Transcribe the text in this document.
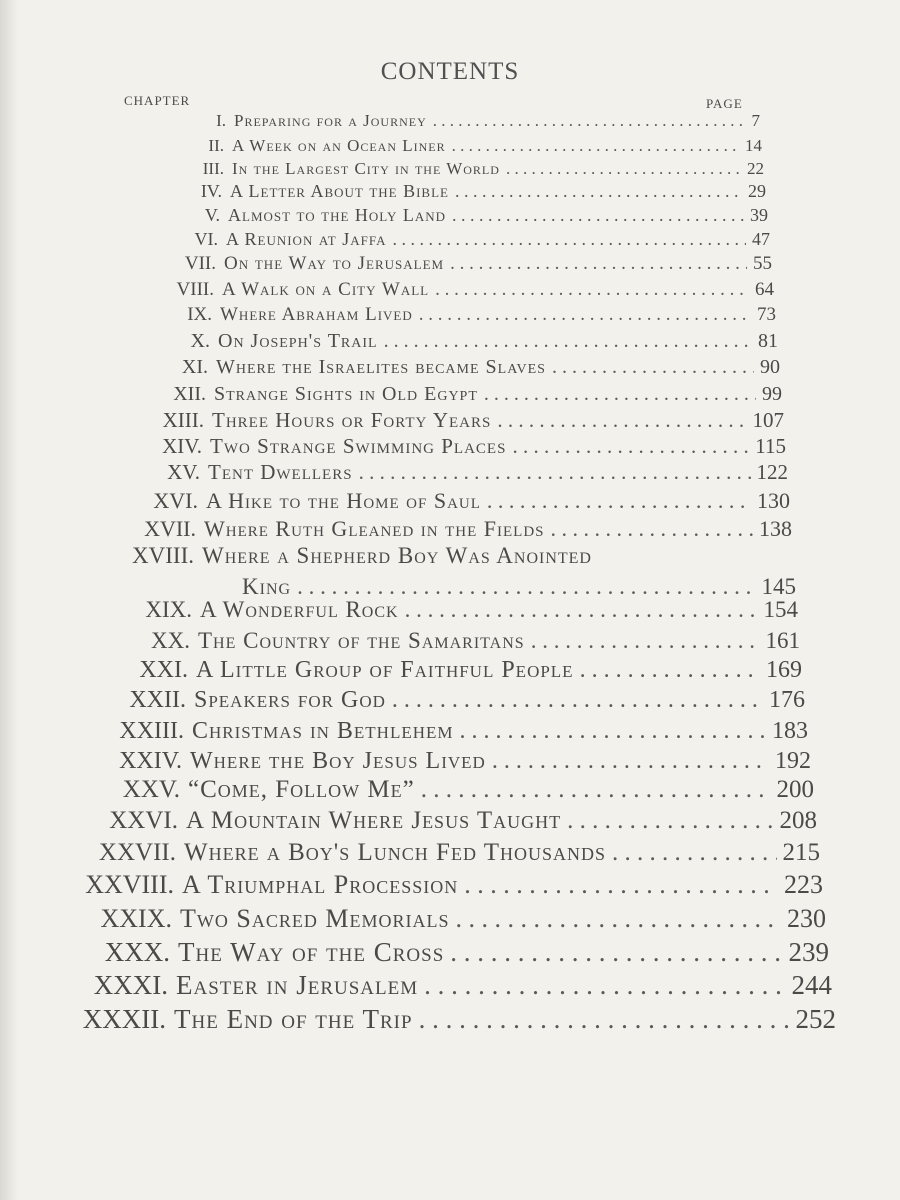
CONTENTS
CHAPTER	PAGE
I. Preparing for a Journey . . .	7
II. A Week on an Ocean Liner . . .	14
III. In the Largest City in the World . . .	22
IV. A Letter About the Bible . . .	29
V. Almost to the Holy Land . . .	39
VI. A Reunion at Jaffa . . .	47
VII. On the Way to Jerusalem . . .	55
VIII. A Walk on a City Wall . . .	64
IX. Where Abraham Lived . . .	73
X. On Joseph's Trail . . .	81
XI. Where the Israelites became Slaves . . .	90
XII. Strange Sights in Old Egypt . . .	99
XIII. Three Hours or Forty Years . . .	107
XIV. Two Strange Swimming Places . . .	115
XV. Tent Dwellers . . .	122
XVI. A Hike to the Home of Saul . . .	130
XVII. Where Ruth Gleaned in the Fields . . .	138
XVIII. Where a Shepherd Boy Was Anointed
King . . .	145
XIX. A Wonderful Rock . . .	154
XX. The Country of the Samaritans . . .	161
XXI. A Little Group of Faithful People . . .	169
XXII. Speakers for God . . .	176
XXIII. Christmas in Bethlehem . . .	183
XXIV. Where the Boy Jesus Lived . . .	192
XXV. “Come, Follow Me” . . .	200
XXVI. A Mountain Where Jesus Taught . . .	208
XXVII. Where a Boy's Lunch Fed Thousands . . .	215
XXVIII. A Triumphal Procession . . .	223
XXIX. Two Sacred Memorials . . .	230
XXX. The Way of the Cross . . .	239
XXXI. Easter in Jerusalem . . .	244
XXXII. The End of the Trip . . .	252
